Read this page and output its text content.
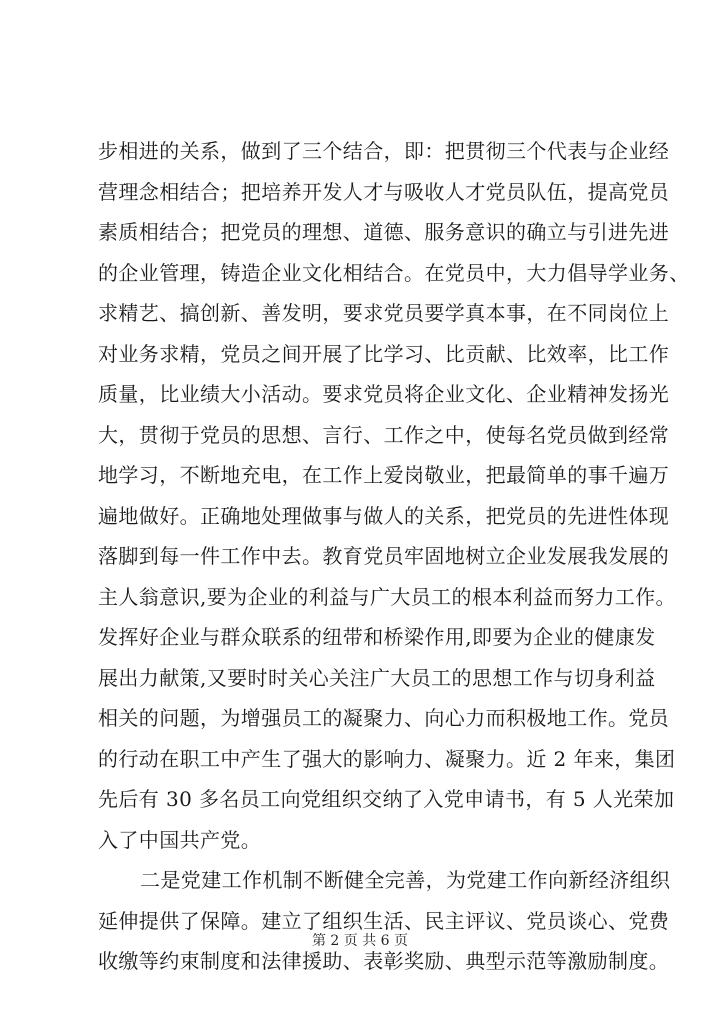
步相进的关系，做到了三个结合，即：把贯彻三个代表与企业经
营理念相结合；把培养开发人才与吸收人才党员队伍，提高党员
素质相结合；把党员的理想、道德、服务意识的确立与引进先进
的企业管理，铸造企业文化相结合。在党员中，大力倡导学业务、
求精艺、搞创新、善发明，要求党员要学真本事，在不同岗位上
对业务求精，党员之间开展了比学习、比贡献、比效率，比工作
质量，比业绩大小活动。要求党员将企业文化、企业精神发扬光
大，贯彻于党员的思想、言行、工作之中，使每名党员做到经常
地学习，不断地充电，在工作上爱岗敬业，把最简单的事千遍万
遍地做好。正确地处理做事与做人的关系，把党员的先进性体现
落脚到每一件工作中去。教育党员牢固地树立企业发展我发展的
主人翁意识,要为企业的利益与广大员工的根本利益而努力工作。
发挥好企业与群众联系的纽带和桥梁作用,即要为企业的健康发
展出力献策,又要时时关心关注广大员工的思想工作与切身利益
相关的问题，为增强员工的凝聚力、向心力而积极地工作。党员
的行动在职工中产生了强大的影响力、凝聚力。近 2 年来，集团
先后有 30 多名员工向党组织交纳了入党申请书，有 5 人光荣加
入了中国共产党。
二是党建工作机制不断健全完善，为党建工作向新经济组织
延伸提供了保障。建立了组织生活、民主评议、党员谈心、党费
收缴等约束制度和法律援助、表彰奖励、典型示范等激励制度。
第 2 页 共 6 页
